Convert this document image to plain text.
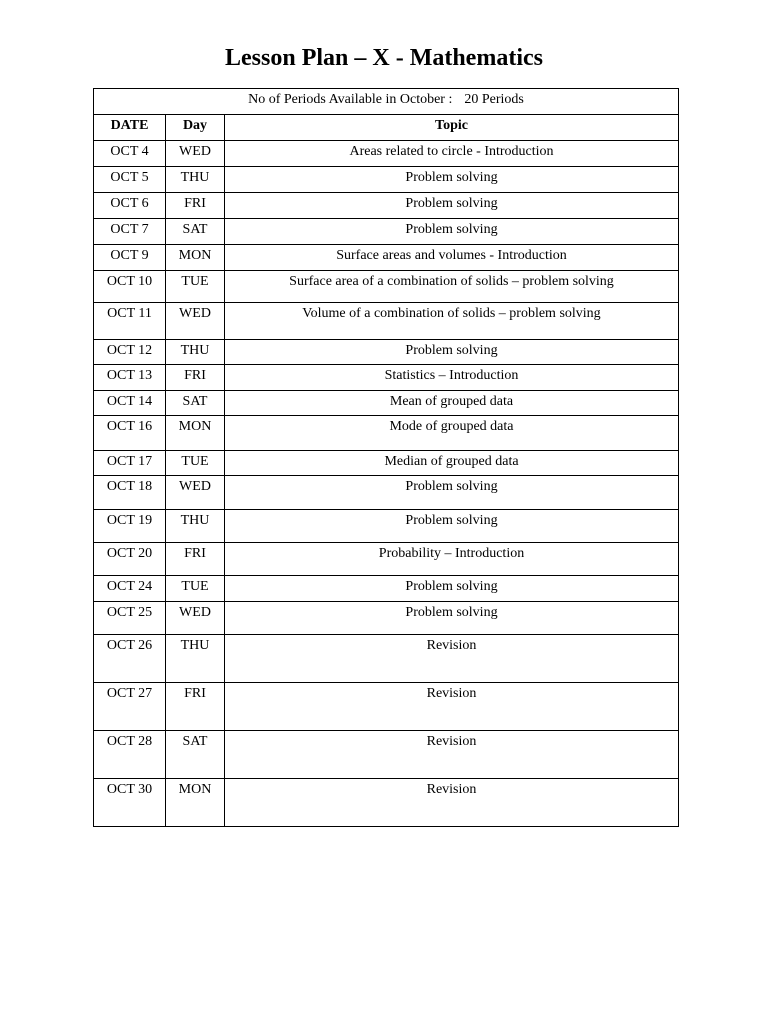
Lesson Plan – X - Mathematics
No of Periods Available in October : 20 Periods		
DATE	Day	Topic
OCT 4	WED	Areas related to circle - Introduction
OCT 5	THU	Problem solving
OCT 6	FRI	Problem solving
OCT 7	SAT	Problem solving
OCT 9	MON	Surface areas and volumes - Introduction
OCT 10	TUE	Surface area of a combination of solids – problem solving
OCT 11	WED	Volume of a combination of solids – problem solving
OCT 12	THU	Problem solving
OCT 13	FRI	Statistics – Introduction
OCT 14	SAT	Mean of grouped data
OCT 16	MON	Mode of grouped data
OCT 17	TUE	Median of grouped data
OCT 18	WED	Problem solving
OCT 19	THU	Problem solving
OCT 20	FRI	Probability – Introduction
OCT 24	TUE	Problem solving
OCT 25	WED	Problem solving
OCT 26	THU	Revision
OCT 27	FRI	Revision
OCT 28	SAT	Revision
OCT 30	MON	Revision
